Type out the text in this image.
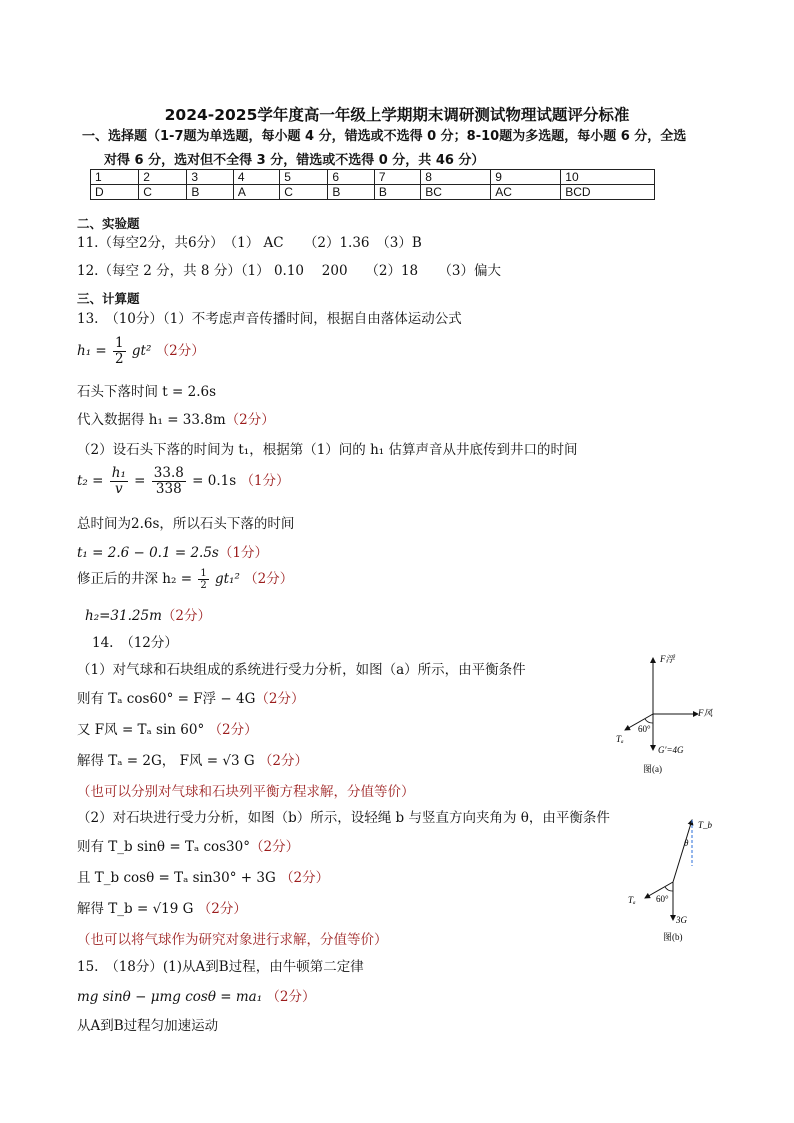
2024-2025学年度高一年级上学期期末调研测试物理试题评分标准
一、选择题（1-7题为单选题，每小题 4 分，错选或不选得 0 分；8-10题为多选题，每小题 6 分，全选
对得 6 分，选对但不全得 3 分，错选或不选得 0 分，共 46 分）
1	2	3	4	5	6	7	8	9	10
D	C	B	A	C	B	B	BC	AC	BCD
二、实验题
11.（每空2分，共6分）　（1） AC　　（2）1.36　（3）B
12.（每空 2 分，共 8 分）（1） 0.10　 200　 （2）18　　（3）偏大
三、计算题
13.　（10分）（1）不考虑声音传播时间，根据自由落体运动公式
$h_1 = \frac{1}{2} gt^2$ （2分）
石头下落时间 t = 2.6s
代入数据得 h₁ = 33.8m（2分）
（2）设石头下落的时间为 t₁，根据第（1）问的 h₁ 估算声音从井底传到井口的时间
$t_2 = \frac{\text{h₁}}{v} = \frac{33.8}{338} = 0.1s$ （1分）
总时间为2.6s，所以石头下落的时间
t₁ = 2.6 − 0.1 = 2.5s（1分）
修正后的井深 $h_2 = \frac{1}{2} gt_1^2$ （2分）
h₂=31.25m（2分）
14.　（12分）
（1）对气球和石块组成的系统进行受力分析，如图（a）所示，由平衡条件
则有 Tₐ cos60° = F浮 − 4G（2分）
又 F风 = Tₐ sin 60° （2分）
解得 Tₐ = 2G， F风 = √3 G （2分）
（也可以分别对气球和石块列平衡方程求解，分值等价）
（2）对石块进行受力分析，如图（b）所示，设轻绳 b 与竖直方向夹角为 θ，由平衡条件
则有 T_b sinθ = Tₐ cos30°（2分）
且 T_b cosθ = Tₐ sin30° + 3G （2分）
解得 T_b = √19 G （2分）
（也可以将气球作为研究对象进行求解，分值等价）
15.　（18分）(1)从A到B过程，由牛顿第二定律
mg sinθ − μmg cosθ = ma₁ （2分）
从A到B过程匀加速运动
F浮
F风
Tₐ
60°
G′=4G
图(a)
T_b
θ
Tₐ 60°
3G
图(b)
